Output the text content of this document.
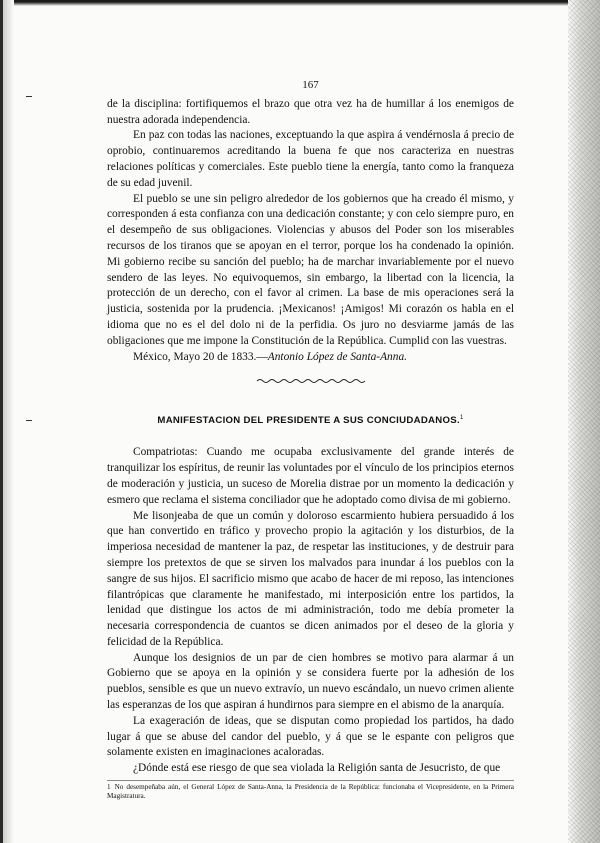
167

de la disciplina: fortifiquemos el brazo que otra vez ha de humillar á los enemigos de nuestra adorada independencia.

En paz con todas las naciones, exceptuando la que aspira á vendérnosla á precio de oprobio, continuaremos acreditando la buena fe que nos caracteriza en nuestras relaciones políticas y comerciales. Este pueblo tiene la energía, tanto como la franqueza de su edad juvenil.

El pueblo se une sin peligro alrededor de los gobiernos que ha creado él mismo, y corresponden á esta confianza con una dedicación constante; y con celo siempre puro, en el desempeño de sus obligaciones. Violencias y abusos del Poder son los miserables recursos de los tiranos que se apoyan en el terror, porque los ha condenado la opinión. Mi gobierno recibe su sanción del pueblo; ha de marchar invariablemente por el nuevo sendero de las leyes. No equivoquemos, sin embargo, la libertad con la licencia, la protección de un derecho, con el favor al crimen. La base de mis operaciones será la justicia, sostenida por la prudencia. ¡Mexicanos! ¡Amigos! Mi corazón os habla en el idioma que no es el del dolo ni de la perfidia. Os juro no desviarme jamás de las obligaciones que me impone la Constitución de la República. Cumplid con las vuestras.

México, Mayo 20 de 1833.—Antonio López de Santa-Anna.

MANIFESTACION DEL PRESIDENTE A SUS CONCIUDADANOS.$^1$

Compatriotas: Cuando me ocupaba exclusivamente del grande interés de tranquilizar los espíritus, de reunir las voluntades por el vínculo de los principios eternos de moderación y justicia, un suceso de Morelia distrae por un momento la dedicación y esmero que reclama el sistema conciliador que he adoptado como divisa de mi gobierno.

Me lisonjeaba de que un común y doloroso escarmiento hubiera persuadido á los que han convertido en tráfico y provecho propio la agitación y los disturbios, de la imperiosa necesidad de mantener la paz, de respetar las instituciones, y de destruir para siempre los pretextos de que se sirven los malvados para inundar á los pueblos con la sangre de sus hijos. El sacrificio mismo que acabo de hacer de mi reposo, las intenciones filantrópicas que claramente he manifestado, mi interposición entre los partidos, la lenidad que distingue los actos de mi administración, todo me debía prometer la necesaria correspondencia de cuantos se dicen animados por el deseo de la gloria y felicidad de la República.

Aunque los designios de un par de cien hombres se motivo para alarmar á un Gobierno que se apoya en la opinión y se considera fuerte por la adhesión de los pueblos, sensible es que un nuevo extravío, un nuevo escándalo, un nuevo crimen aliente las esperanzas de los que aspiran á hundirnos para siempre en el abismo de la anarquía.

La exageración de ideas, que se disputan como propiedad los partidos, ha dado lugar á que se abuse del candor del pueblo, y á que se le espante con peligros que solamente existen en imaginaciones acaloradas.

¿Dónde está ese riesgo de que sea violada la Religión santa de Jesucristo, de que

1 No desempeñaba aún, el General López de Santa-Anna, la Presidencia de la República: funcionaba el Vicepresidente, en la Primera Magistratura.
